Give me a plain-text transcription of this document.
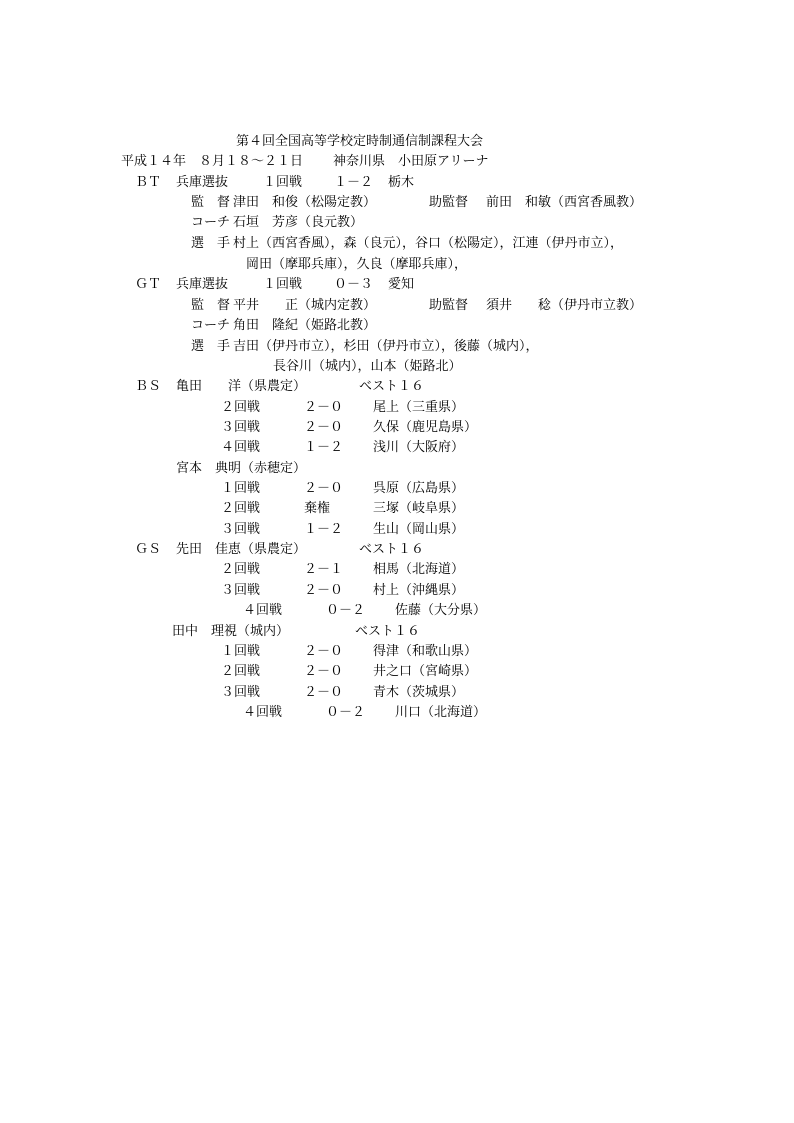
第４回全国高等学校定時制通信制課程大会
平成１４年　８月１８～２１日 神奈川県　小田原アリーナ
ＢＴ 兵庫選抜	１回戦 １－２ 栃木
監　督 津田　和俊（松陽定教）	助監督 前田　和敏（西宮香風教）
コーチ 石垣　芳彦（良元教）
選　手 村上（西宮香風），森（良元），谷口（松陽定），江連（伊丹市立），
岡田（摩耶兵庫），久良（摩耶兵庫），
ＧＴ 兵庫選抜	１回戦 ０－３ 愛知
監　督 平井　　正（城内定教）	助監督 須井　　稔（伊丹市立教）
コーチ 角田　隆紀（姫路北教）
選　手 吉田（伊丹市立），杉田（伊丹市立），後藤（城内），
長谷川（城内），山本（姫路北）
ＢＳ 亀田　　洋（県農定）	ベスト１６
２回戦	２－０ 尾上（三重県）
３回戦	２－０ 久保（鹿児島県）
４回戦	１－２ 浅川（大阪府）
宮本　典明（赤穂定）
１回戦	２－０ 呉原（広島県）
２回戦	棄権	三塚（岐阜県）
３回戦	１－２ 生山（岡山県）
ＧＳ 先田　佳恵（県農定）	ベスト１６
２回戦	２－１ 相馬（北海道）
３回戦	２－０ 村上（沖縄県）
４回戦	０－２ 佐藤（大分県）
田中　理視（城内）	ベスト１６
１回戦	２－０ 得津（和歌山県）
２回戦	２－０ 井之口（宮崎県）
３回戦	２－０ 青木（茨城県）
４回戦	０－２ 川口（北海道）
